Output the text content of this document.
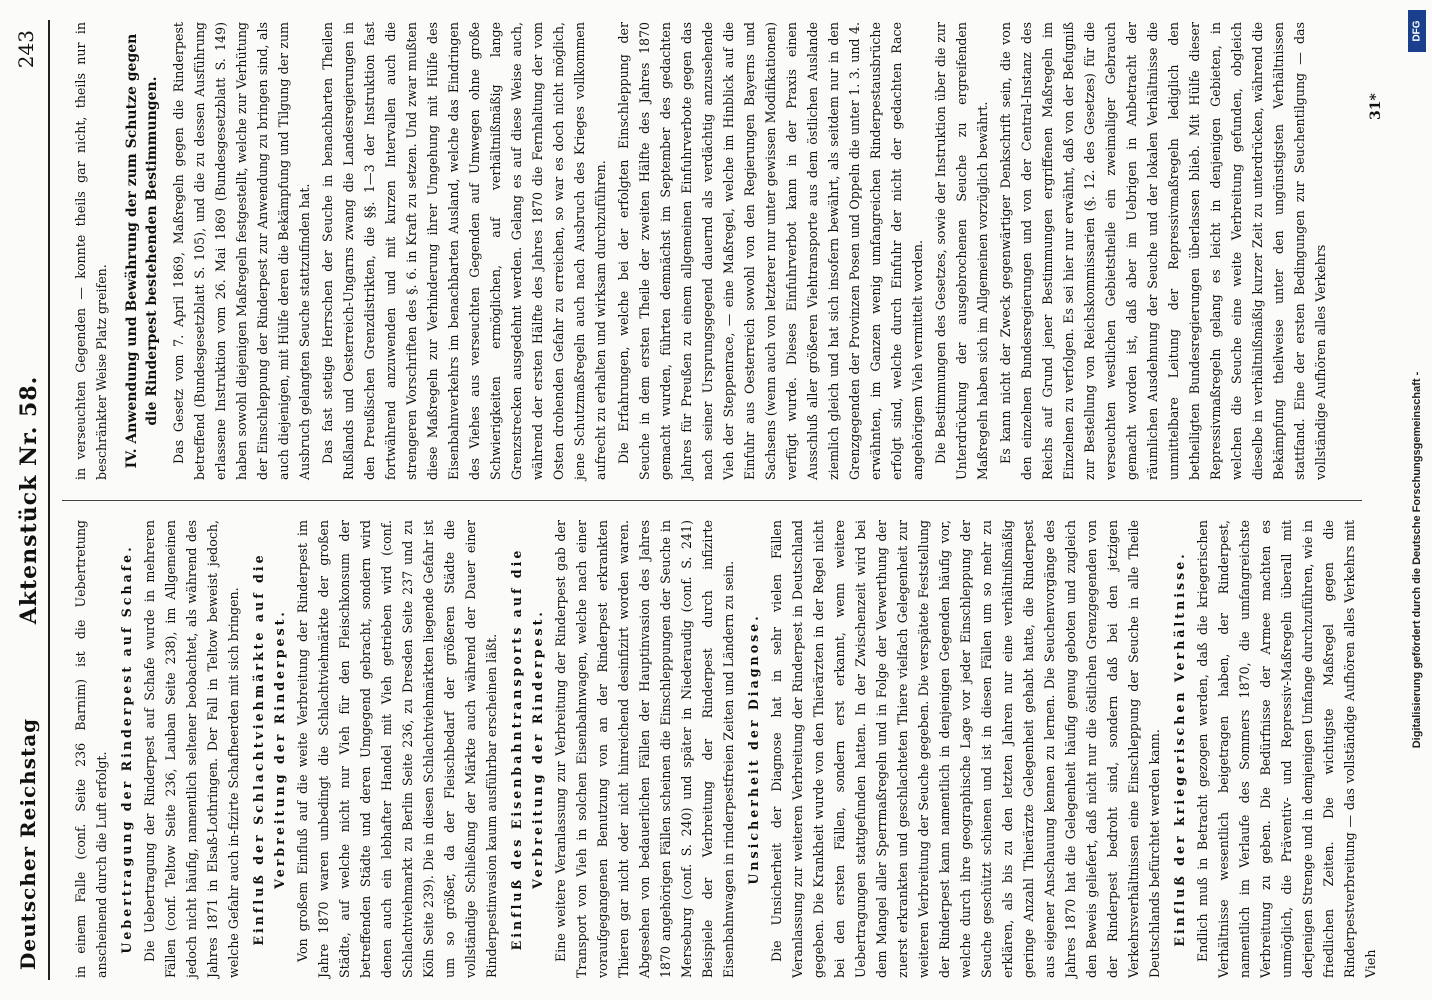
Deutscher Reichstag
Aktenstück Nr. 58.
243

in einem Falle (conf. Seite 236 Barnim) ist die Uebertretung anscheinend durch die Luft erfolgt. Uebertragung der Rinderpest auf Schafe. Die Uebertragung der Rinderpest auf Schafe wurde in mehreren Fällen (conf. Teltow Seite 236, Lauban Seite 238), im Allgemeinen jedoch nicht häufig, namentlich seltener beobachtet, als während des Jahres 1871 in Elsaß-Lothringen. Der Fall in Teltow beweist jedoch, welche Gefahr auch in-fizirte Schafheerden mit sich bringen. Einfluß der Schlachtviehmärkte auf die Verbreitung der Rinderpest. Von großem Einfluß auf die weite Verbreitung der Rinderpest im Jahre 1870 waren unbedingt die Schlachtviehmärkte der großen Städte, auf welche nicht nur Vieh für den Fleischkonsum der betreffenden Städte und deren Umgegend gebracht, sondern wird denen auch ein lebhafter Handel mit Vieh getrieben wird (conf. Schlachtviehmarkt zu Berlin Seite 236, zu Dresden Seite 237 und zu Köln Seite 239). Die in diesen Schlachtviehmärkten liegende Gefahr ist um so größer, da der Fleischbedarf der größeren Städte die vollständige Schließung der Märkte auch während der Dauer einer Rinderpestinvasion kaum ausführbar erscheinen läßt. Einfluß des Eisenbahntransports auf die Verbreitung der Rinderpest. Eine weitere Veranlassung zur Verbreitung der Rinderpest gab der Transport von Vieh in solchen Eisenbahnwagen, welche nach einer voraufgegangenen Benutzung von an der Rinderpest erkrankten Thieren gar nicht oder nicht hinreichend desinfizirt worden waren. Abgesehen von bedauerlichen Fällen der Hauptinvasion des Jahres 1870 angehörigen Fällen scheinen die Einschleppungen der Seuche in Merseburg (conf. S. 240) und später in Niederaudig (conf. S. 241) Beispiele der Verbreitung der Rinderpest durch infizirte Eisenbahnwagen in rinderpestfreien Zeiten und Ländern zu sein. Unsicherheit der Diagnose. Die Unsicherheit der Diagnose hat in sehr vielen Fällen Veranlassung zur weiteren Verbreitung der Rinderpest in Deutschland gegeben. Die Krankheit wurde von den Thierärzten in der Regel nicht bei den ersten Fällen, sondern erst erkannt, wenn weitere Uebertragungen stattgefunden hatten. In der Zwischenzeit wird bei dem Mangel aller Sperrmaßregeln und in Folge der Verwerthung der zuerst erkrankten und geschlachteten Thiere vielfach Gelegenheit zur weiteren Verbreitung der Seuche gegeben. Die verspätete Feststellung der Rinderpest kann namentlich in denjenigen Gegenden häufig vor, welche durch ihre geographische Lage vor jeder Einschleppung der Seuche geschützt schienen und ist in diesen Fällen um so mehr zu erklären, als bis zu den letzten Jahren nur eine verhältnißmäßig geringe Anzahl Thierärzte Gelegenheit gehabt hatte, die Rinderpest aus eigener Anschauung kennen zu lernen. Die Seuchenvorgänge des Jahres 1870 hat die Gelegenheit häufig genug geboten und zugleich den Beweis geliefert, daß nicht nur die östlichen Grenzgegenden von der Rinderpest bedroht sind, sondern daß bei den jetzigen Verkehrsverhältnissen eine Einschleppung der Seuche in alle Theile Deutschlands befürchtet werden kann. Einfluß der kriegerischen Verhältnisse. Endlich muß in Betracht gezogen werden, daß die kriegerischen Verhältnisse wesentlich beigetragen haben, der Rinderpest, namentlich im Verlaufe des Sommers 1870, die umfangreichste Verbreitung zu geben. Die Bedürfnisse der Armee machten es unmöglich, die Präventiv- und Repressiv-Maßregeln überall mit derjenigen Strenge und in demjenigen Umfange durchzuführen, wie in friedlichen Zeiten. Die wichtigste Maßregel gegen die Rinderpestverbreitung — das vollständige Aufhören alles Verkehrs mit Vieh

in verseuchten Gegenden — konnte theils gar nicht, theils nur in beschränkter Weise Platz greifen. IV. Anwendung und Bewährung der zum Schutze gegen die Rinderpest bestehenden Bestimmungen. Das Gesetz vom 7. April 1869, Maßregeln gegen die Rinderpest betreffend (Bundesgesetzblatt S. 105), und die zu dessen Ausführung erlassene Instruktion vom 26. Mai 1869 (Bundesgesetzblatt S. 149) haben sowohl diejenigen Maßregeln festgestellt, welche zur Verhütung der Einschleppung der Rinderpest zur Anwendung zu bringen sind, als auch diejenigen, mit Hülfe deren die Bekämpfung und Tilgung der zum Ausbruch gelangten Seuche stattzufinden hat. Das fast stetige Herrschen der Seuche in benachbarten Theilen Rußlands und Oesterreich-Ungarns zwang die Landesregierungen in den Preußischen Grenzdistrikten, die §§. 1—3 der Instruktion fast fortwährend anzuwenden und mit kurzen Intervallen auch die strengeren Vorschriften des §. 6. in Kraft zu setzen. Und zwar mußten diese Maßregeln zur Verhinderung ihrer Umgehung mit Hülfe des Eisenbahnverkehrs im benachbarten Ausland, welche das Eindringen des Viehes aus verseuchten Gegenden auf Umwegen ohne große Schwierigkeiten ermöglichen, auf verhältnißmäßig lange Grenzstrecken ausgedehnt werden. Gelang es auf diese Weise auch, während der ersten Hälfte des Jahres 1870 die Fernhaltung der vom Osten drohenden Gefahr zu erreichen, so war es doch nicht möglich, jene Schutzmaßregeln auch nach Ausbruch des Krieges vollkommen aufrecht zu erhalten und wirksam durchzuführen. Die Erfahrungen, welche bei der erfolgten Einschleppung der Seuche in dem ersten Theile der zweiten Hälfte des Jahres 1870 gemacht wurden, führten demnächst im September des gedachten Jahres für Preußen zu einem allgemeinen Einfuhrverbote gegen das nach seiner Ursprungsgegend dauernd als verdächtig anzusehende Vieh der Steppenrace, — eine Maßregel, welche im Hinblick auf die Einfuhr aus Oesterreich sowohl von den Regierungen Bayerns und Sachsens (wenn auch von letzterer nur unter gewissen Modifikationen) verfügt wurde. Dieses Einfuhrverbot kann in der Praxis einen Ausschluß aller größeren Viehtransporte aus dem östlichen Auslande ziemlich gleich und hat sich insofern bewährt, als seitdem nur in den Grenzgegenden der Provinzen Posen und Oppeln die unter 1. 3. und 4. erwähnten, im Ganzen wenig umfangreichen Rinderpestausbrüche erfolgt sind, welche durch Einfuhr der nicht der gedachten Race angehörigem Vieh vermittelt worden. Die Bestimmungen des Gesetzes, sowie der Instruktion über die zur Unterdrückung der ausgebrochenen Seuche zu ergreifenden Maßregeln haben sich im Allgemeinen vorzüglich bewährt. Es kann nicht der Zweck gegenwärtiger Denkschrift sein, die von den einzelnen Bundesregierungen und von der Central-Instanz des Reichs auf Grund jener Bestimmungen ergriffenen Maßregeln im Einzelnen zu verfolgen. Es sei hier nur erwähnt, daß von der Befugniß zur Bestellung von Reichskommissarien (§. 12. des Gesetzes) für die verseuchten westlichen Gebietstheile ein zweimaliger Gebrauch gemacht worden ist, daß aber im Uebrigen in Anbetracht der räumlichen Ausdehnung der Seuche und der lokalen Verhältnisse die unmittelbare Leitung der Repressivmaßregeln lediglich den betheiligten Bundesregierungen überlassen blieb. Mit Hülfe dieser Repressivmaßregeln gelang es leicht in denjenigen Gebieten, in welchen die Seuche eine weite Verbreitung gefunden, obgleich dieselbe in verhältnißmäßig kurzer Zeit zu unterdrücken, während die Bekämpfung theilweise unter den ungünstigsten Verhältnissen stattfand. Eine der ersten Bedingungen zur Seuchentilgung — das vollständige Aufhören alles Verkehrs

31*
DFG
Digitalisierung gefördert durch die Deutsche Forschungsgemeinschaft -
